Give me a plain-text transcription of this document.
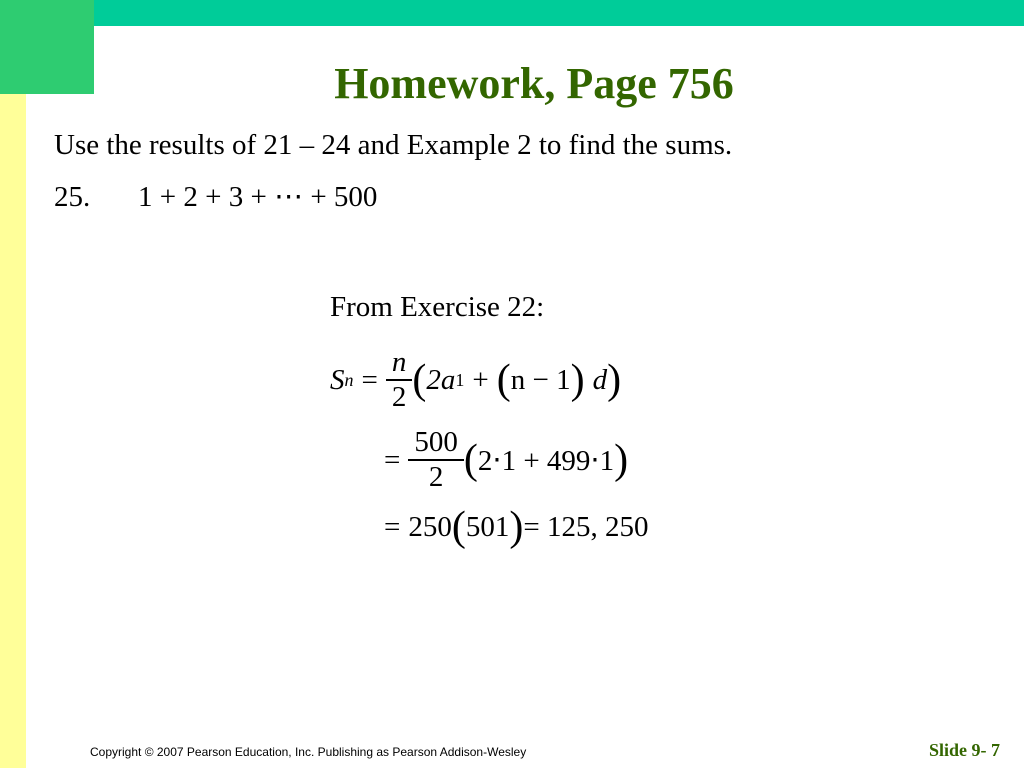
Homework, Page 756
Use the results of 21 – 24 and Example 2 to find the sums.
25. 1 + 2 + 3 + ⋯ + 500
From Exercise 22:
S $n = \frac{n}{2}$ ( 2a 1 + ( n − 1 ) d )
= $\frac{500}{2}$ ( 2⋅1 + 499⋅1 )
= 250 ( 501 ) = 125, 250
Copyright © 2007 Pearson Education, Inc. Publishing as Pearson Addison-Wesley	Slide 9- 7
